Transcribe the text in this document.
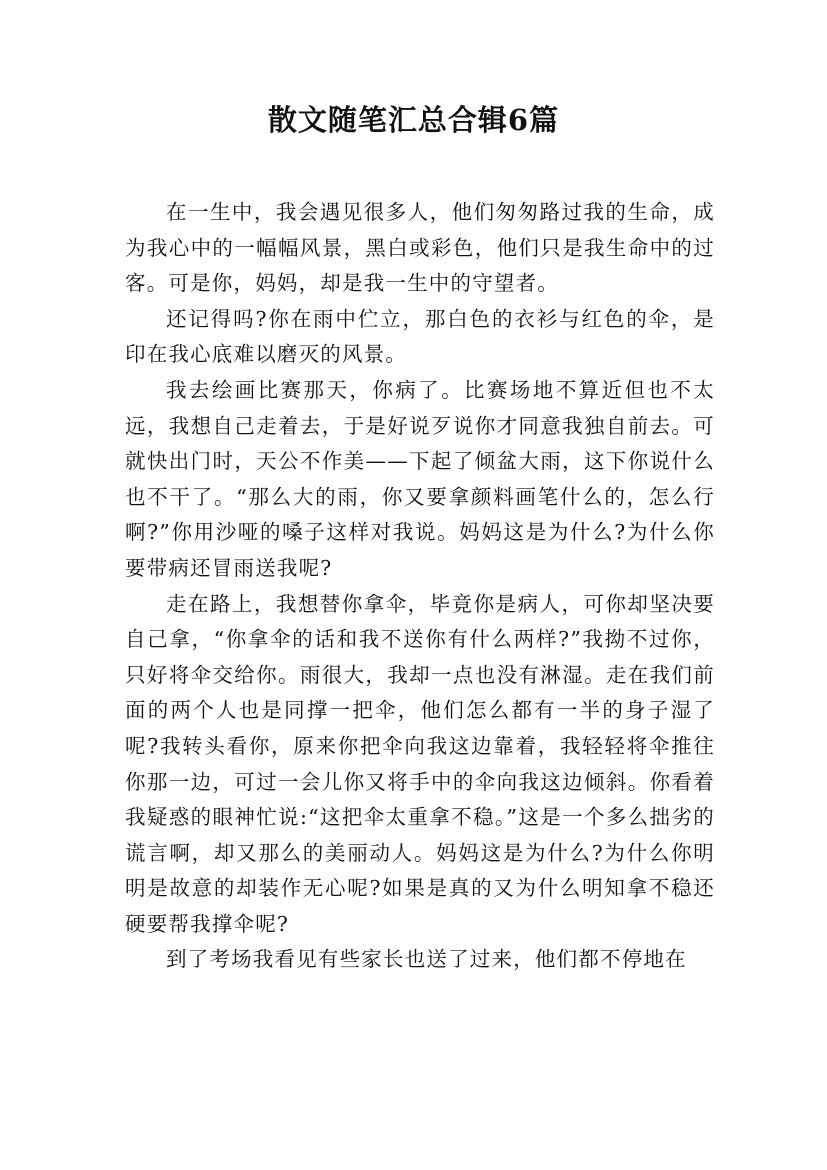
散文随笔汇总合辑6篇

在一生中，我会遇见很多人，他们匆匆路过我的生命，成为我心中的一幅幅风景，黑白或彩色，他们只是我生命中的过客。可是你，妈妈，却是我一生中的守望者。

还记得吗?你在雨中伫立，那白色的衣衫与红色的伞，是印在我心底难以磨灭的风景。

我去绘画比赛那天，你病了。比赛场地不算近但也不太远，我想自己走着去，于是好说歹说你才同意我独自前去。可就快出门时，天公不作美——下起了倾盆大雨，这下你说什么也不干了。“那么大的雨，你又要拿颜料画笔什么的，怎么行啊?”你用沙哑的嗓子这样对我说。妈妈这是为什么?为什么你要带病还冒雨送我呢?

走在路上，我想替你拿伞，毕竟你是病人，可你却坚决要自己拿，“你拿伞的话和我不送你有什么两样?”我拗不过你，只好将伞交给你。雨很大，我却一点也没有淋湿。走在我们前面的两个人也是同撑一把伞，他们怎么都有一半的身子湿了呢?我转头看你，原来你把伞向我这边靠着，我轻轻将伞推往你那一边，可过一会儿你又将手中的伞向我这边倾斜。你看着我疑惑的眼神忙说:“这把伞太重拿不稳。”这是一个多么拙劣的谎言啊，却又那么的美丽动人。妈妈这是为什么?为什么你明明是故意的却装作无心呢?如果是真的又为什么明知拿不稳还硬要帮我撑伞呢?

到了考场我看见有些家长也送了过来，他们都不停地在
